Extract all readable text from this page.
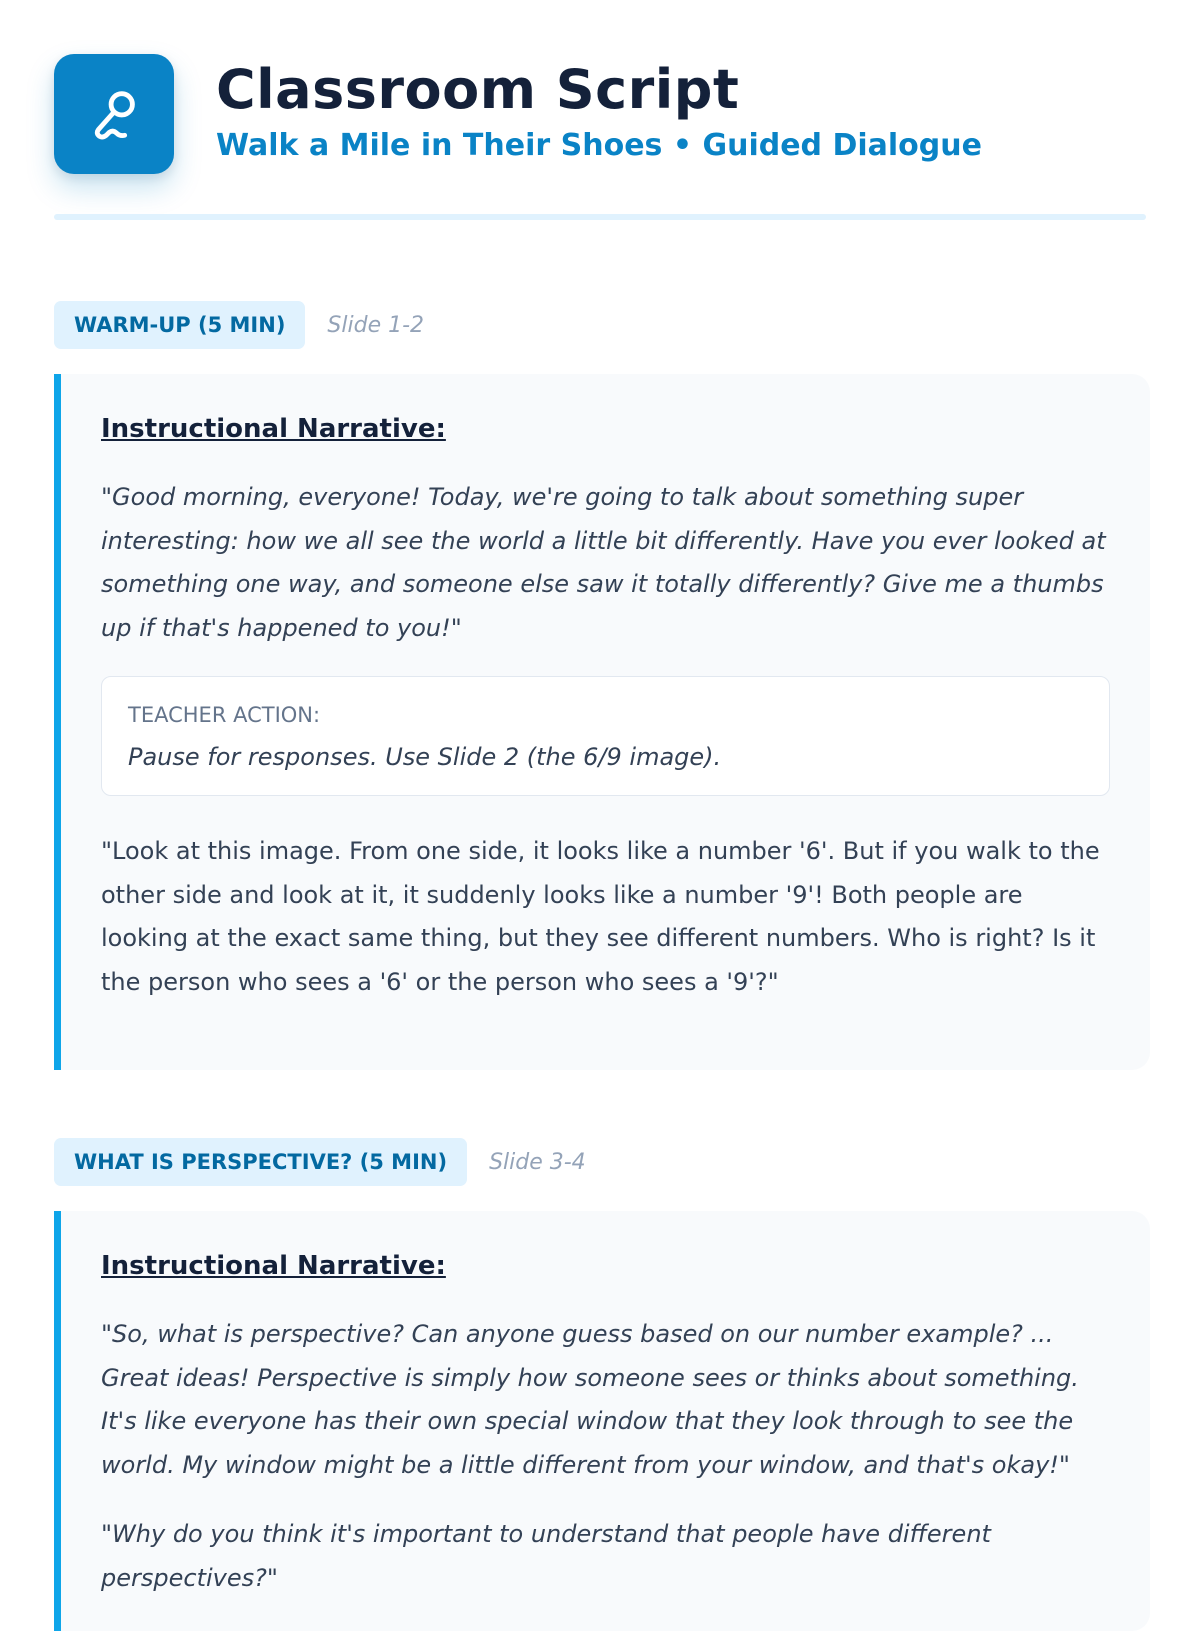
Classroom Script
Walk a Mile in Their Shoes • Guided Dialogue
WARM-UP (5 MIN)	Slide 1-2
Instructional Narrative:

"Good morning, everyone! Today, we're going to talk about something super interesting: how we all see the world a little bit differently. Have you ever looked at something one way, and someone else saw it totally differently? Give me a thumbs up if that's happened to you!"

TEACHER ACTION:
Pause for responses. Use Slide 2 (the 6/9 image).

"Look at this image. From one side, it looks like a number '6'. But if you walk to the other side and look at it, it suddenly looks like a number '9'! Both people are looking at the exact same thing, but they see different numbers. Who is right? Is it the person who sees a '6' or the person who sees a '9'?"

WHAT IS PERSPECTIVE? (5 MIN)	Slide 3-4
Instructional Narrative:

"So, what is perspective? Can anyone guess based on our number example? ... Great ideas! Perspective is simply how someone sees or thinks about something. It's like everyone has their own special window that they look through to see the world. My window might be a little different from your window, and that's okay!"

"Why do you think it's important to understand that people have different perspectives?"
